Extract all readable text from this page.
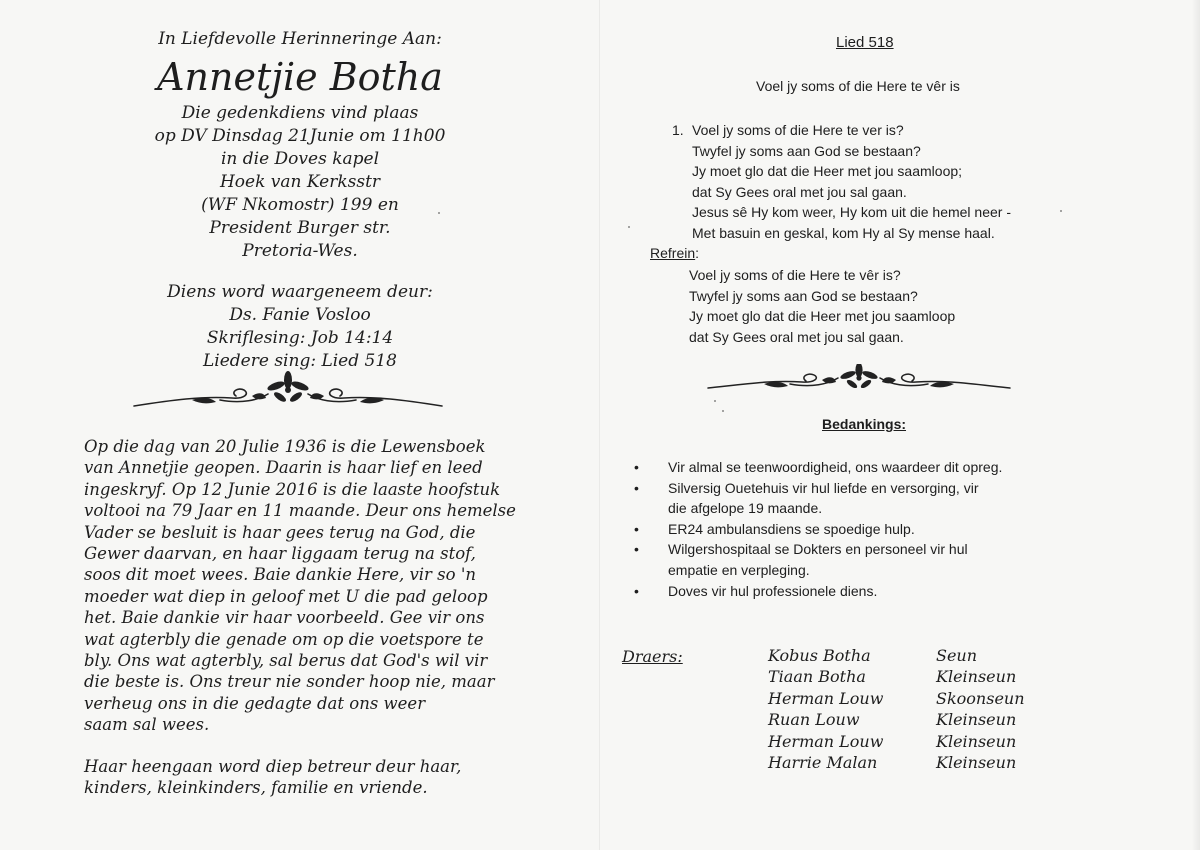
In Liefdevolle Herinneringe Aan:
Annetjie Botha
Die gedenkdiens vind plaas
op DV Dinsdag 21Junie om 11h00
in die Doves kapel
Hoek van Kerksstr
(WF Nkomostr) 199 en
President Burger str.
Pretoria-Wes.
Diens word waargeneem deur:
Ds. Fanie Vosloo
Skriflesing: Job 14:14
Liedere sing: Lied 518
Op die dag van 20 Julie 1936 is die Lewensboek
van Annetjie geopen. Daarin is haar lief en leed
ingeskryf. Op 12 Junie 2016 is die laaste hoofstuk
voltooi na 79 Jaar en 11 maande. Deur ons hemelse
Vader se besluit is haar gees terug na God, die
Gewer daarvan, en haar liggaam terug na stof,
soos dit moet wees. Baie dankie Here, vir so 'n
moeder wat diep in geloof met U die pad geloop
het. Baie dankie vir haar voorbeeld. Gee vir ons
wat agterbly die genade om op die voetspore te
bly. Ons wat agterbly, sal berus dat God's wil vir
die beste is. Ons treur nie sonder hoop nie, maar
verheug ons in die gedagte dat ons weer
saam sal wees.
Haar heengaan word diep betreur deur haar,
kinders, kleinkinders, familie en vriende.
Lied 518
Voel jy soms of die Here te vêr is
1. Voel jy soms of die Here te ver is?
Twyfel jy soms aan God se bestaan?
Jy moet glo dat die Heer met jou saamloop;
dat Sy Gees oral met jou sal gaan.
Jesus sê Hy kom weer, Hy kom uit die hemel neer -
Met basuin en geskal, kom Hy al Sy mense haal.
Refrein:
Voel jy soms of die Here te vêr is?
Twyfel jy soms aan God se bestaan?
Jy moet glo dat die Heer met jou saamloop
dat Sy Gees oral met jou sal gaan.
Bedankings:
• Vir almal se teenwoordigheid, ons waardeer dit opreg.
• Silversig Ouetehuis vir hul liefde en versorging, vir
die afgelope 19 maande.
• ER24 ambulansdiens se spoedige hulp.
• Wilgershospitaal se Dokters en personeel vir hul
empatie en verpleging.
• Doves vir hul professionele diens.
Draers:	Kobus Botha	Seun
Tiaan Botha	Kleinseun
Herman Louw	Skoonseun
Ruan Louw	Kleinseun
Herman Louw	Kleinseun
Harrie Malan	Kleinseun
